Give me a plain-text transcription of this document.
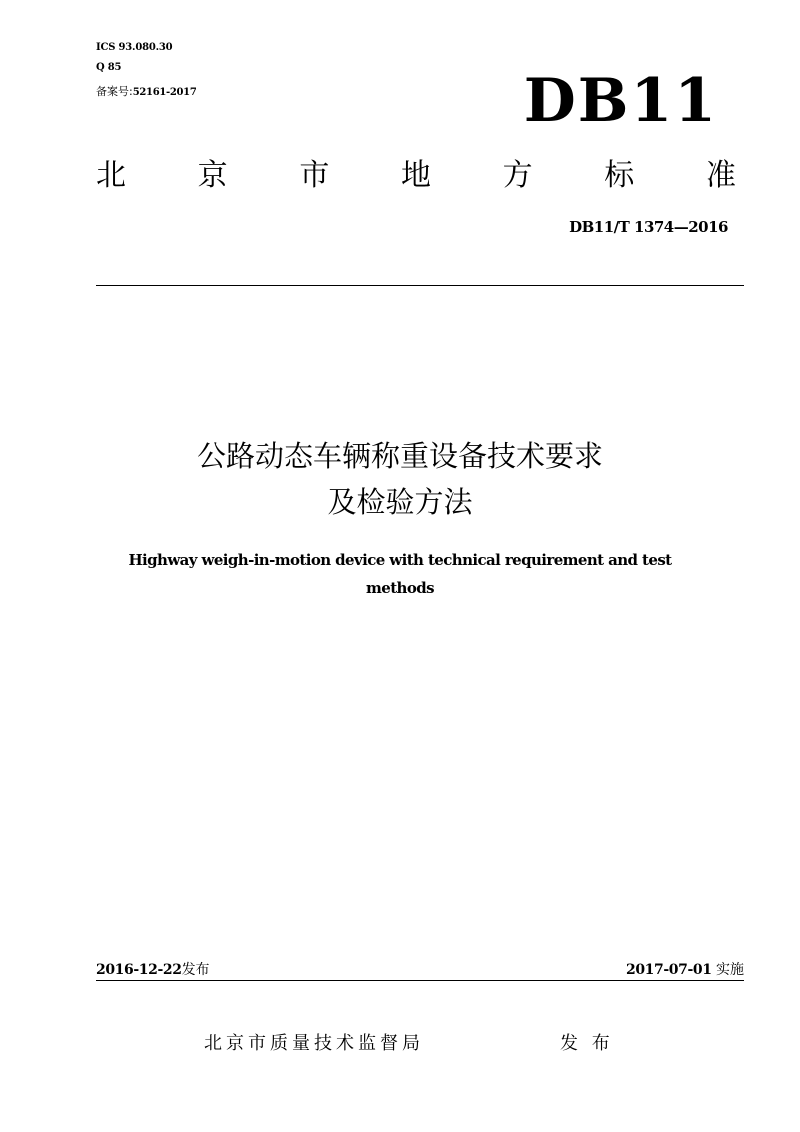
ICS 93.080.30
Q 85
备案号:52161-2017	DB11
北 京 市 地 方 标 准
DB11/T 1374—2016
公路动态车辆称重设备技术要求
及检验方法
Highway weigh-in-motion device with technical requirement and test
methods
2016-12-22发布	2017-07-01 实施
北京市质量技术监督局	发 布
